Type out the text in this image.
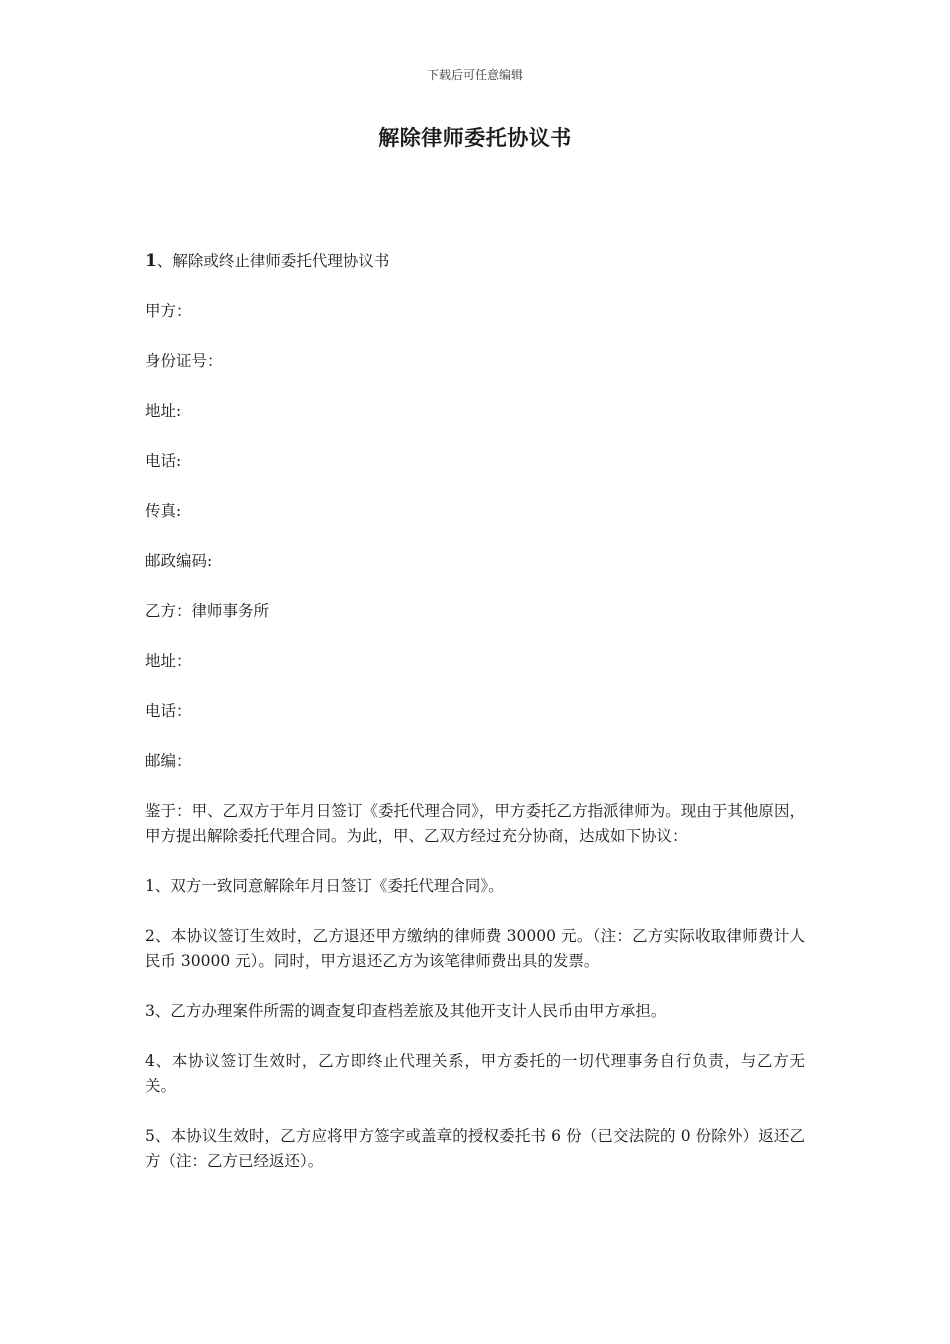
下载后可任意编辑
解除律师委托协议书

1、解除或终止律师委托代理协议书

甲方：

身份证号：

地址:

电话:

传真:

邮政编码:

乙方：律师事务所

地址：

电话：

邮编：

鉴于：甲、乙双方于年月日签订《委托代理合同》，甲方委托乙方指派律师为。现由于其他原因，甲方提出解除委托代理合同。为此，甲、乙双方经过充分协商，达成如下协议：

1、双方一致同意解除年月日签订《委托代理合同》。

2、本协议签订生效时，乙方退还甲方缴纳的律师费 30000 元。（注：乙方实际收取律师费计人民币 30000 元）。同时，甲方退还乙方为该笔律师费出具的发票。

3、乙方办理案件所需的调查复印查档差旅及其他开支计人民币由甲方承担。

4、本协议签订生效时，乙方即终止代理关系，甲方委托的一切代理事务自行负责，与乙方无关。

5、本协议生效时，乙方应将甲方签字或盖章的授权委托书 6 份（已交法院的 0 份除外）返还乙方（注：乙方已经返还）。
